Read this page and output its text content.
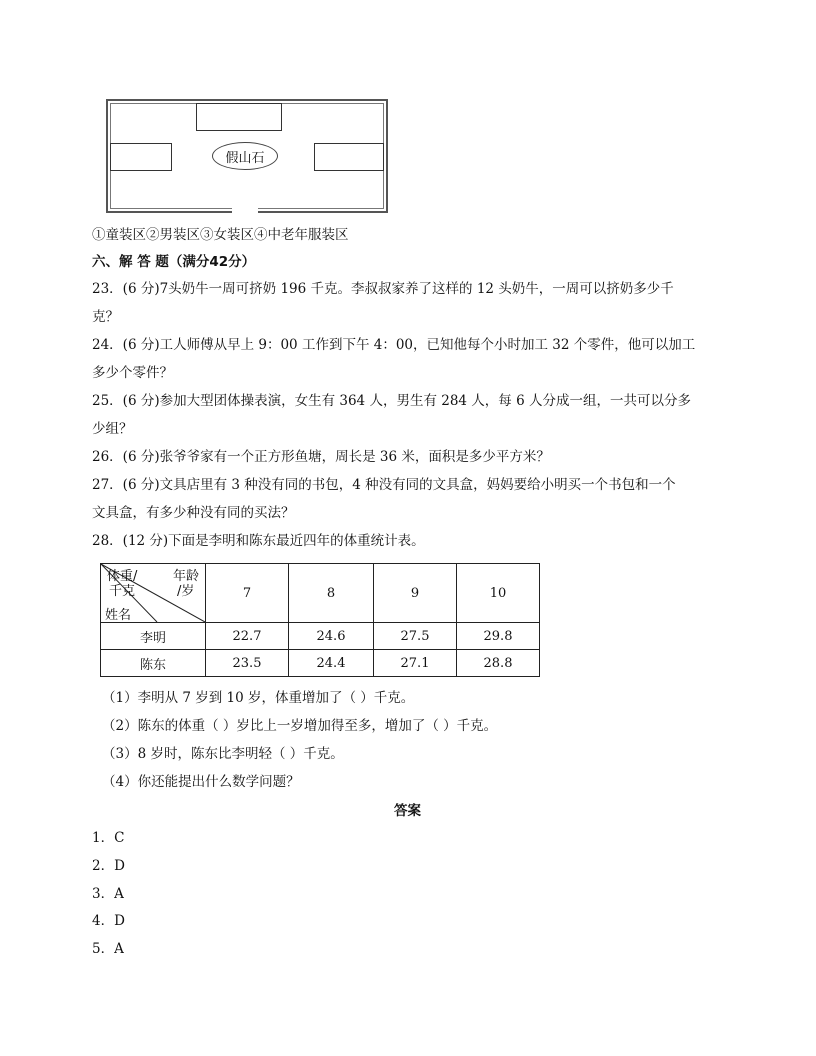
假山石
①童装区②男装区③女装区④中老年服装区
六、解 答 题（满分42分）
23．(6 分)7头奶牛一周可挤奶 196 千克。李叔叔家养了这样的 12 头奶牛，一周可以挤奶多少千
克？
24．(6 分)工人师傅从早上 9：00 工作到下午 4：00，已知他每个小时加工 32 个零件，他可以加工
多少个零件？
25．(6 分)参加大型团体操表演，女生有 364 人，男生有 284 人，每 6 人分成一组，一共可以分多
少组？
26．(6 分)张爷爷家有一个正方形鱼塘，周长是 36 米，面积是多少平方米？
27．(6 分)文具店里有 3 种没有同的书包，4 种没有同的文具盒，妈妈要给小明买一个书包和一个
文具盒，有多少种没有同的买法？
28．(12 分)下面是李明和陈东最近四年的体重统计表。
体重/
千克
年龄
/岁
姓名	7	8	9	10
李明	22.7	24.6	27.5	29.8
陈东	23.5	24.4	27.1	28.8
（1）李明从 7 岁到 10 岁，体重增加了（ ）千克。
（2）陈东的体重（ ）岁比上一岁增加得至多，增加了（ ）千克。
（3）8 岁时，陈东比李明轻（ ）千克。
（4）你还能提出什么数学问题？
答案
1．C
2．D
3．A
4．D
5．A
